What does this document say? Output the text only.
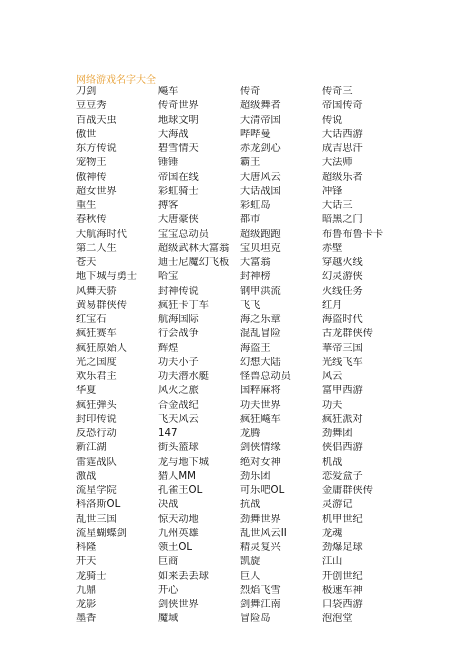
网络游戏名字大全
刀剑	飚车	传奇	传奇三
豆豆秀	传奇世界	超级舞者	帝国传奇
百战天虫	地球文明	大清帝国	传说
傲世	大海战	哔哔曼	大话西游
东方传说	碧雪情天	赤龙剑心	成吉思汗
宠物王	锤锤	霸王	大法师
傲神传	帝国在线	大唐风云	超级乐者
超女世界	彩虹骑士	大话战国	冲锋
重生	搏客	彩虹岛	大话三
春秋传	大唐豪侠	都市	暗黑之门
大航海时代	宝宝总动员	超级跑跑	布鲁布鲁卡卡
第二人生	超级武林大富翁	宝贝坦克	赤壁
苍天	迪士尼魔幻飞板	大富翁	穿越火线
地下城与勇士	哈宝	封神榜	幻灵游侠
风舞天骄	封神传说	钢甲洪流	火线任务
黄易群侠传	疯狂卡丁车	飞飞	红月
红宝石	航海国际	海之乐章	海盗时代
疯狂赛车	行会战争	混乱冒险	古龙群侠传
疯狂原始人	辉煌	海盗王	華帝三国
光之国度	功夫小子	幻想大陆	光线飞车
欢乐君主	功夫潜水艇	怪兽总动员	风云
华夏	风火之旅	国粹麻将	富甲西游
疯狂弹头	合金战纪	功夫世界	功夫
封印传说	飞天风云	疯狂飚车	疯狂派对
反恐行动	147	龙腾	劲舞团
新江湖	街头篮球	剑侠情缘	侠侣西游
雷霆战队	龙与地下城	绝对女神	机战
激战	猎人MM	劲乐团	恋爱盒子
流星学院	孔雀王OL	可乐吧OL	金庸群侠传
科洛斯OL	决战	抗战	灵游记
乱世三国	惊天动地	劲舞世界	机甲世纪
流星蝴蝶剑	九州英雄	乱世风云II	龙魂
科隆	领土OL	精灵复兴	劲爆足球
开天	巨商	凯旋	江山
龙骑士	如来丢丢球	巨人	开创世纪
九鼎	开心	烈焰飞雪	极速车神
龙影	剑侠世界	剑舞江南	口袋西游
墨香	魔域	冒险岛	泡泡堂
